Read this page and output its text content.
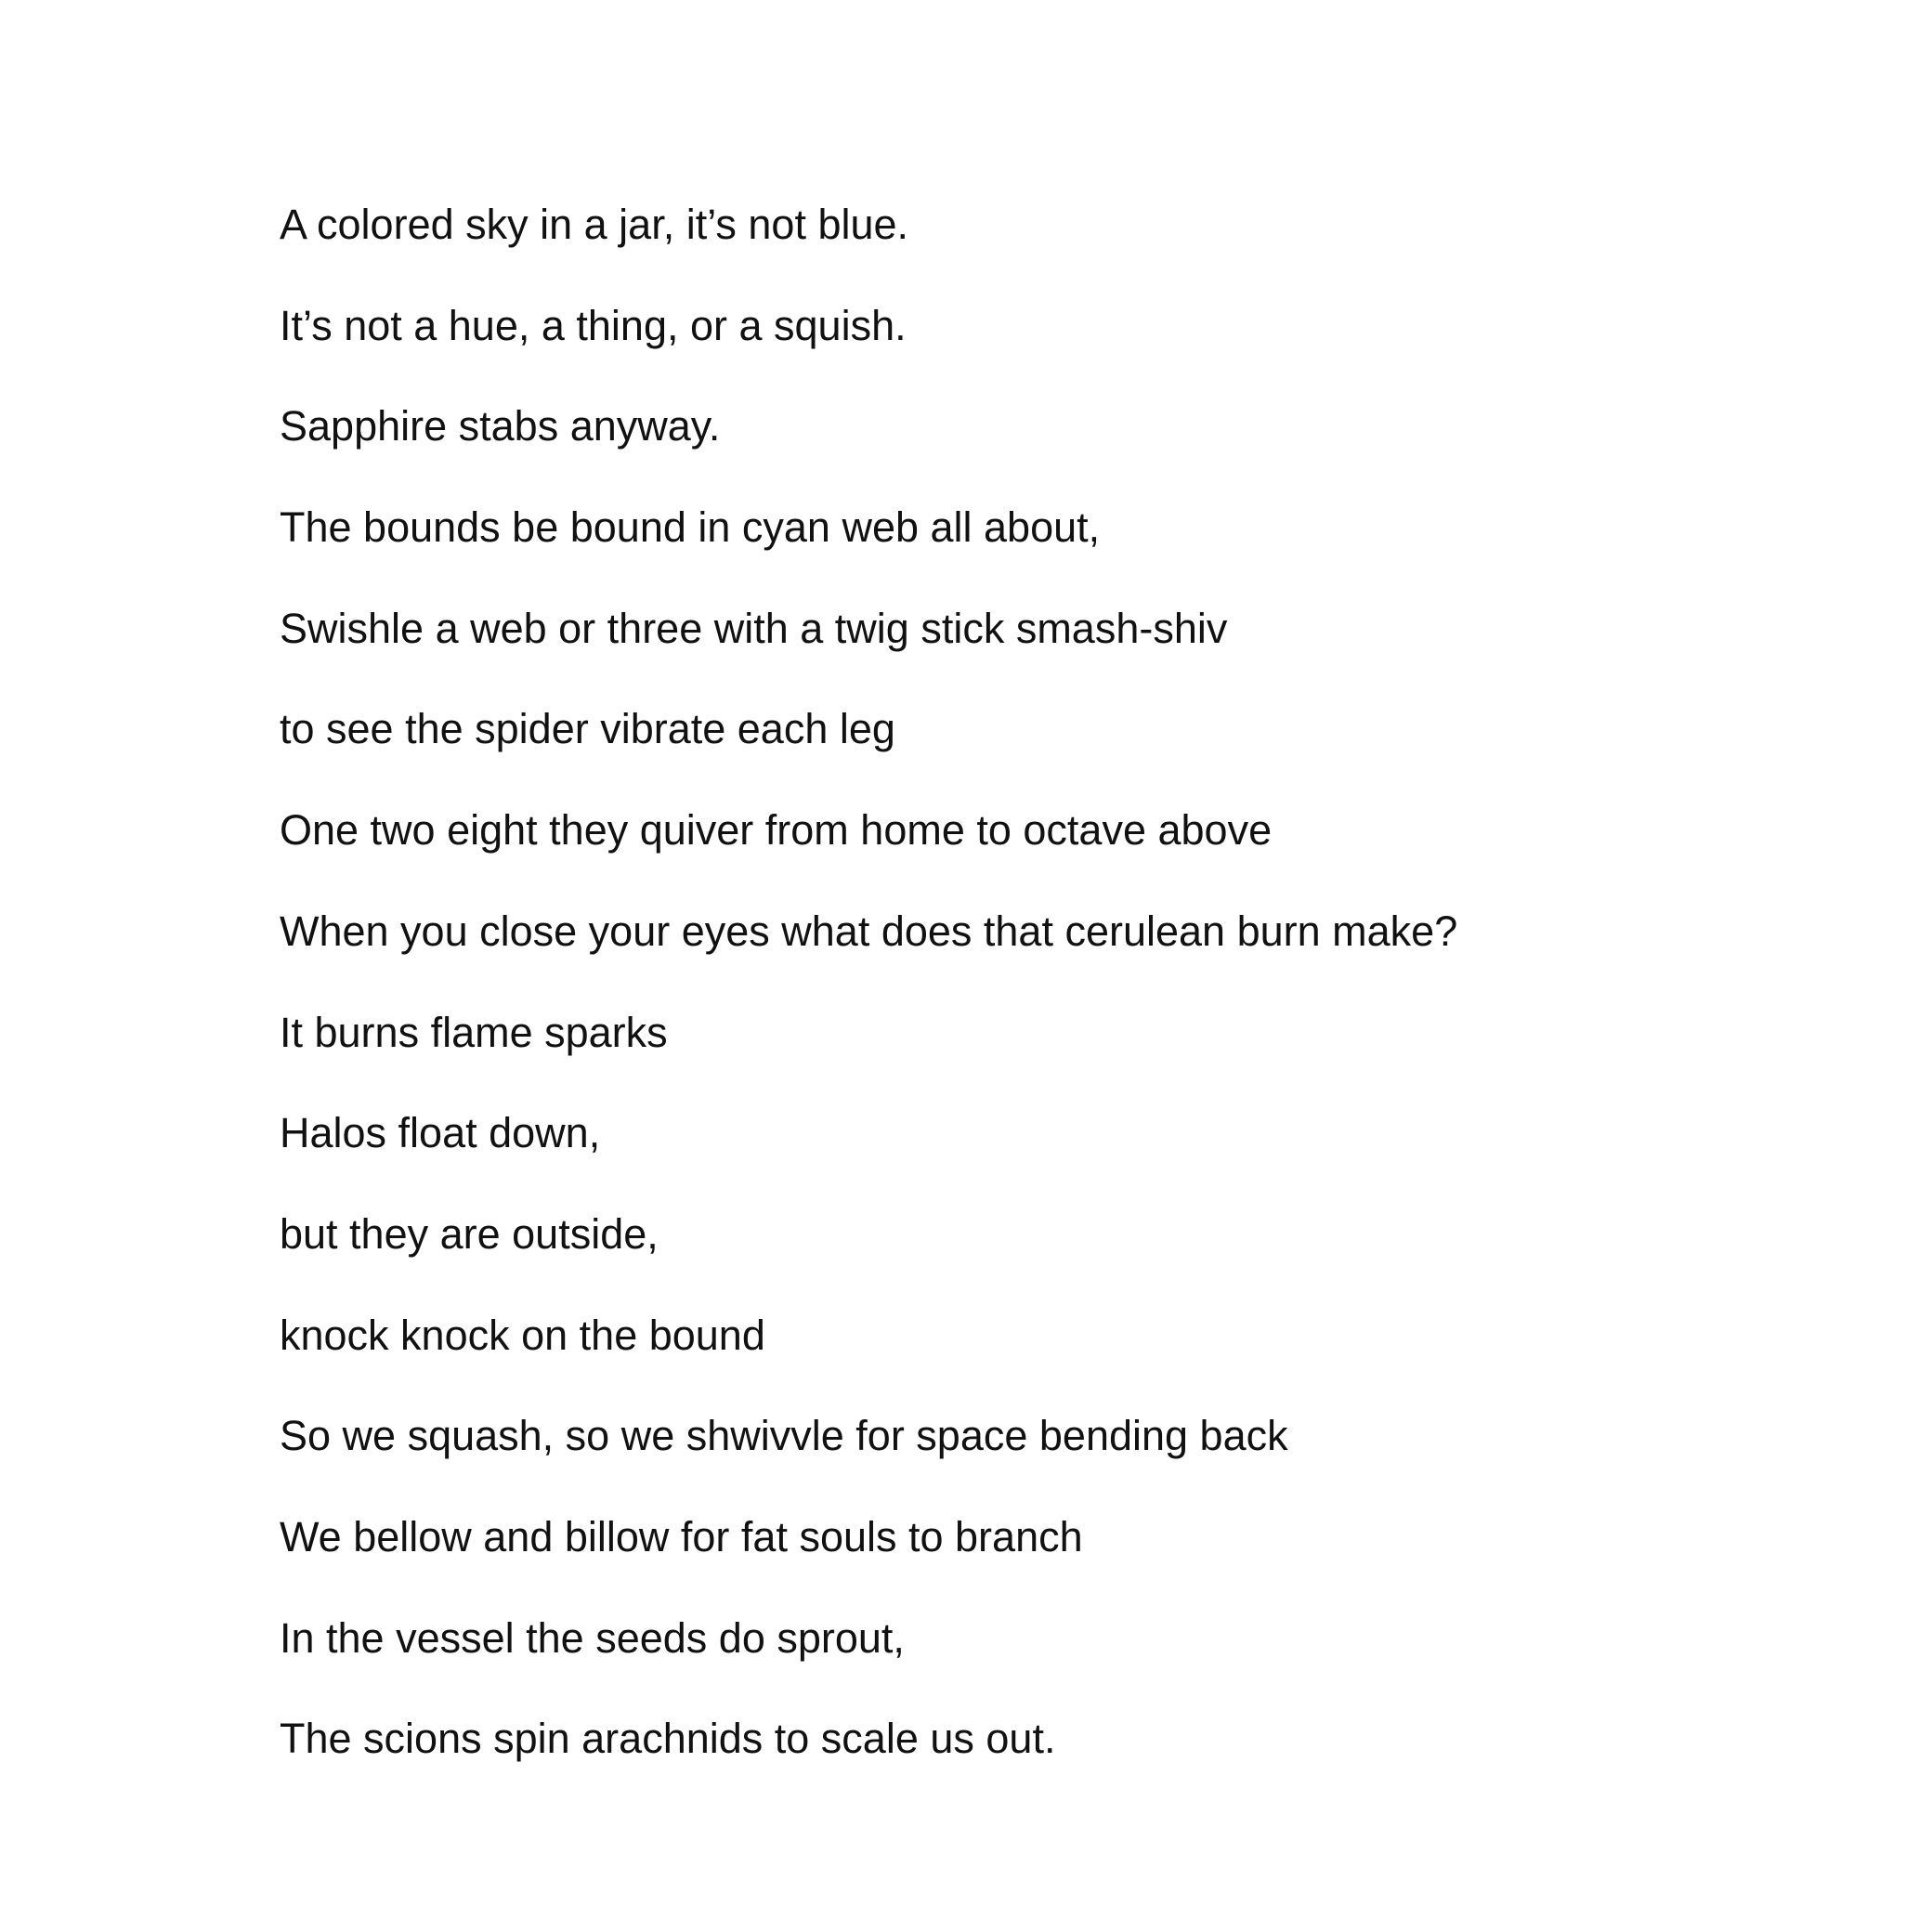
A colored sky in a jar, it’s not blue.
It’s not a hue, a thing, or a squish.
Sapphire stabs anyway.
The bounds be bound in cyan web all about,
Swishle a web or three with a twig stick smash-shiv
to see the spider vibrate each leg
One two eight they quiver from home to octave above
When you close your eyes what does that cerulean burn make?
It burns flame sparks
Halos float down,
but they are outside,
knock knock on the bound
So we squash, so we shwivvle for space bending back
We bellow and billow for fat souls to branch
In the vessel the seeds do sprout,
The scions spin arachnids to scale us out.
